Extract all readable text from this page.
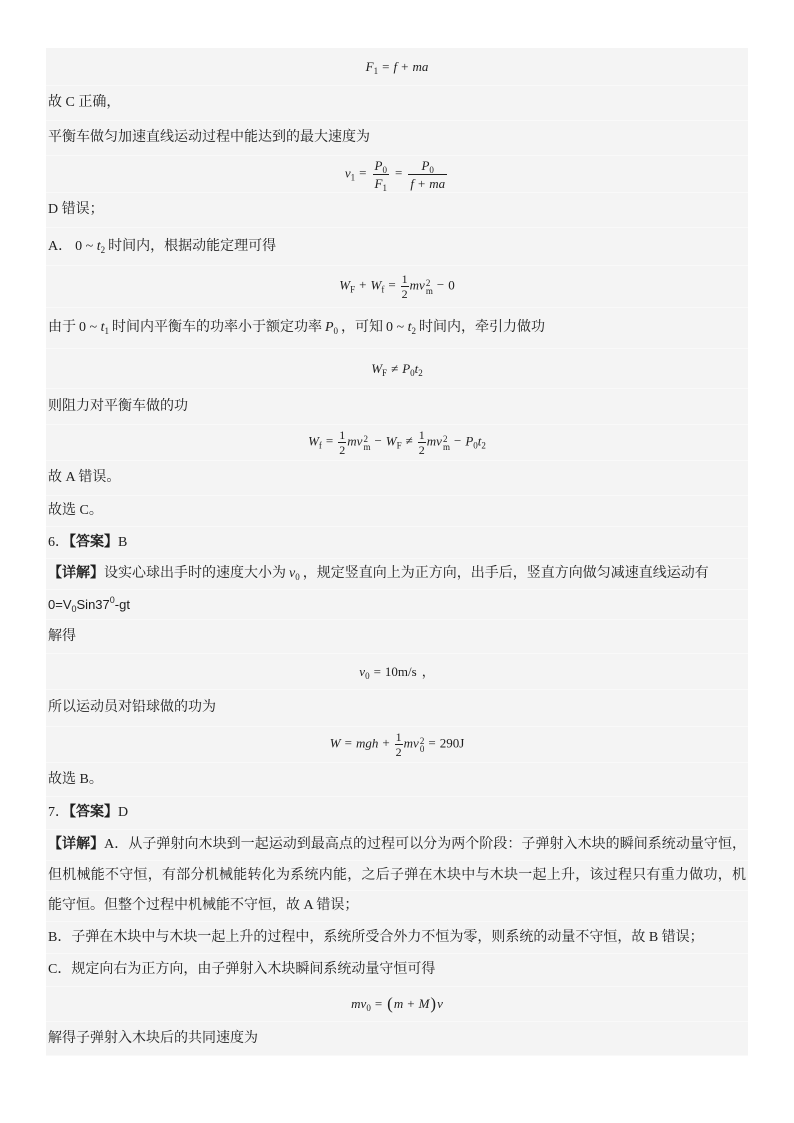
$F_1 = f$ + ma
故 C 正确，
平衡车做匀加速直线运动过程中能达到的最大速度为
$v_1 = \frac{P_0}{F_1} = \frac{P_0}{f + ma}$
D 错误；
A． 0 ~ $t_2$ 时间内，根据动能定理可得
$W_F + W_f = \frac{1}{2}$ mv 2
m − 0
由于 0 ~ $t_1$ 时间内平衡车的功率小于额定功率 $P_0$ ，可知 0 ~ $t_2$ 时间内，牵引力做功
$W_F \ne P_0t_2$
则阻力对平衡车做的功
$W_f = \frac{1}{2}$ mv 2
$m - W_F \ne \frac{1}{2}$ mv 2
$m - P_0t_2$
故 A 错误。
故选 C。
6．【答案】B
【详解】设实心球出手时的速度大小为 $v_0$ ，规定竖直向上为正方向，出手后，竖直方向做匀减速直线运动有
$0=V_0Sin37^0-gt$
解得
$v_0 = 10m/s$ ，
所以运动员对铅球做的功为
W = mgh + $\frac{1}{2}$ mv 2
0 = 290J
故选 B。
7．【答案】D
【详解】A．从子弹射向木块到一起运动到最高点的过程可以分为两个阶段：子弹射入木块的瞬间系统动量守恒，
但机械能不守恒，有部分机械能转化为系统内能，之后子弹在木块中与木块一起上升，该过程只有重力做功，机
能守恒。但整个过程中机械能不守恒，故 A 错误；
B．子弹在木块中与木块一起上升的过程中，系统所受合外力不恒为零，则系统的动量不守恒，故 B 错误；
C．规定向右为正方向，由子弹射入木块瞬间系统动量守恒可得
$mv_0 = (m + M)v$
解得子弹射入木块后的共同速度为
